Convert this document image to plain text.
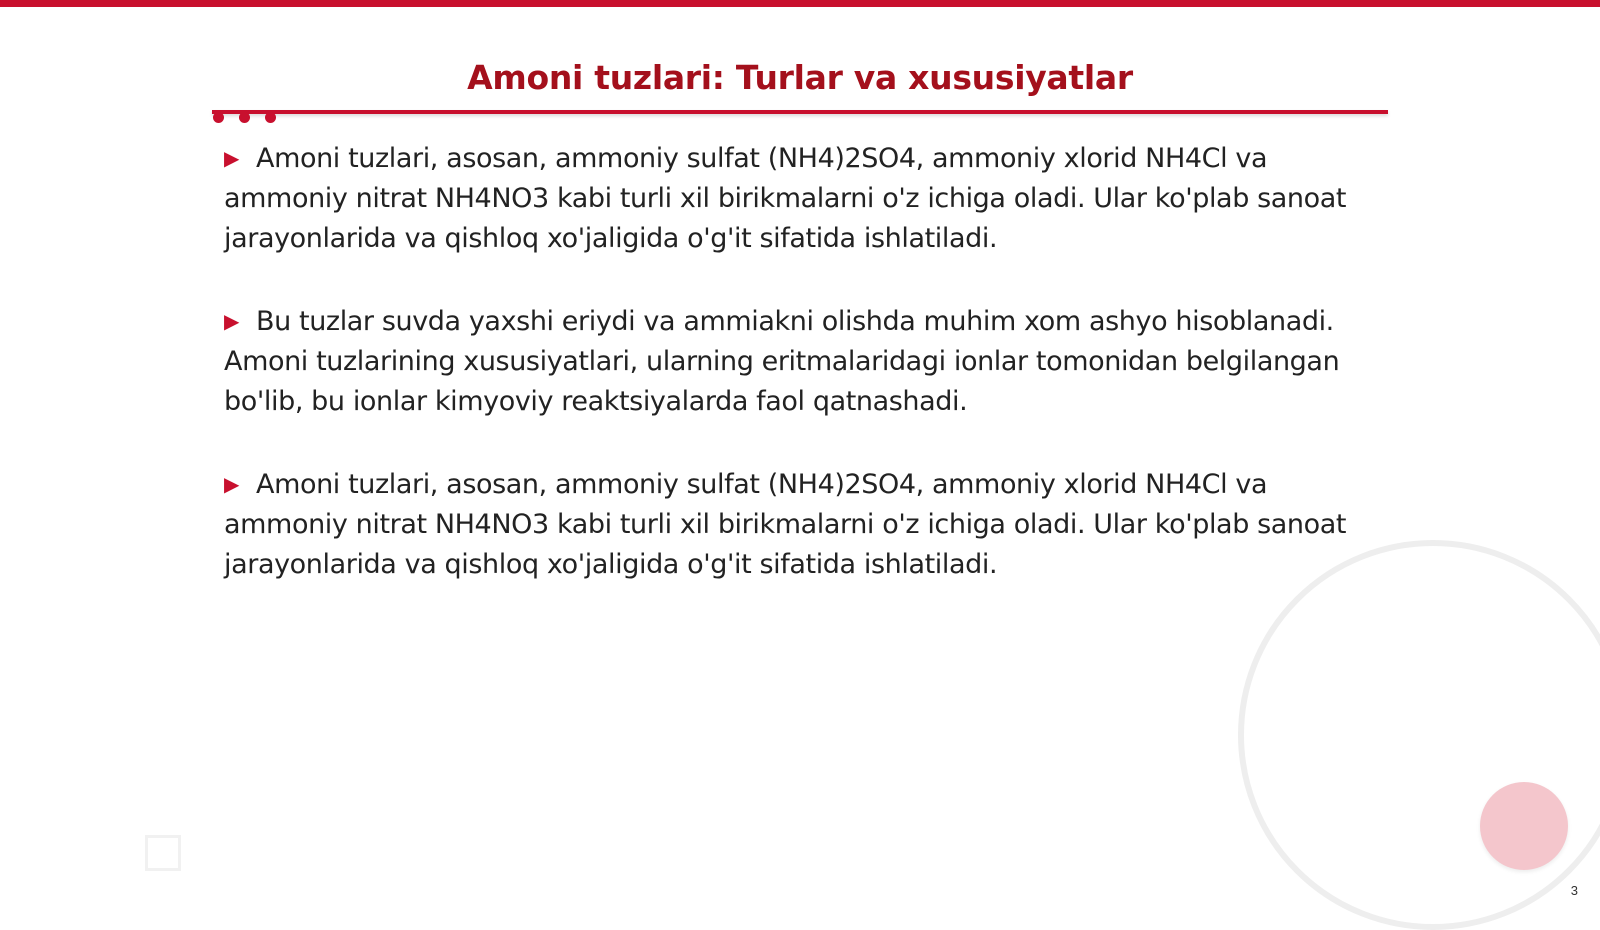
Amoni tuzlari: Turlar va xususiyatlar

▶ Amoni tuzlari, asosan, ammoniy sulfat (NH4)2SO4, ammoniy xlorid NH4Cl va ammoniy nitrat NH4NO3 kabi turli xil birikmalarni o'z ichiga oladi. Ular ko'plab sanoat jarayonlarida va qishloq xo'jaligida o'g'it sifatida ishlatiladi.

▶ Bu tuzlar suvda yaxshi eriydi va ammiakni olishda muhim xom ashyo hisoblanadi. Amoni tuzlarining xususiyatlari, ularning eritmalaridagi ionlar tomonidan belgilangan bo'lib, bu ionlar kimyoviy reaktsiyalarda faol qatnashadi.

▶ Amoni tuzlari, asosan, ammoniy sulfat (NH4)2SO4, ammoniy xlorid NH4Cl va ammoniy nitrat NH4NO3 kabi turli xil birikmalarni o'z ichiga oladi. Ular ko'plab sanoat jarayonlarida va qishloq xo'jaligida o'g'it sifatida ishlatiladi.

3
